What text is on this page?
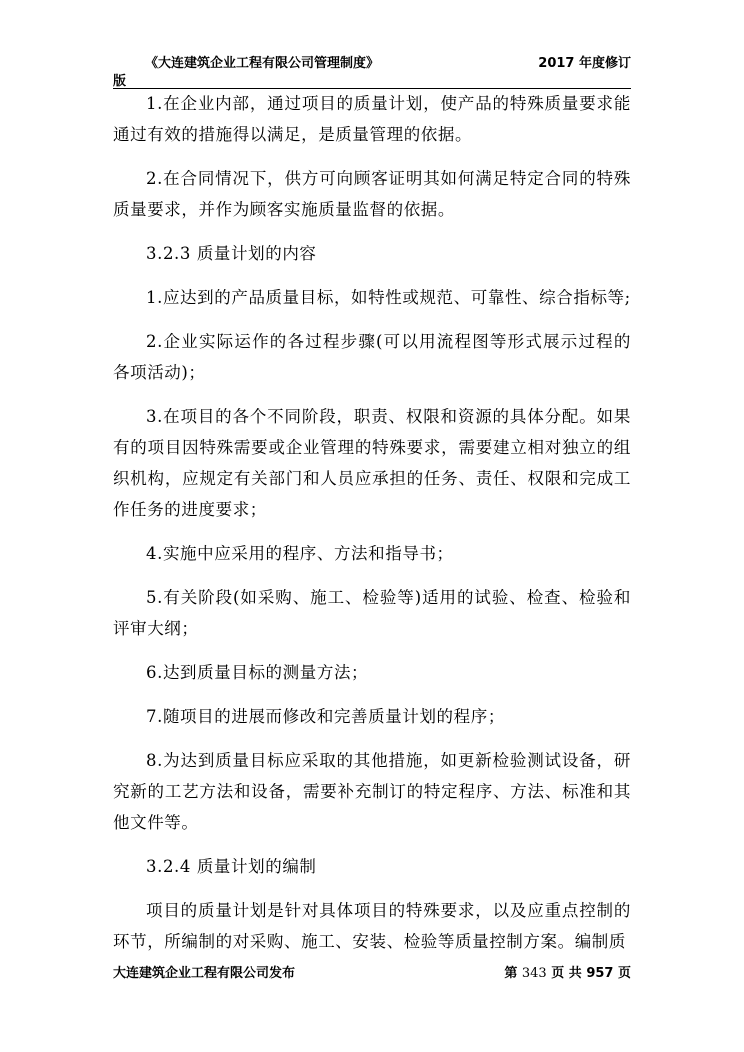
《大连建筑企业工程有限公司管理制度》	2017 年度修订
版

1.在企业内部，通过项目的质量计划，使产品的特殊质量要求能通过有效的措施得以满足，是质量管理的依据。

2.在合同情况下，供方可向顾客证明其如何满足特定合同的特殊质量要求，并作为顾客实施质量监督的依据。

3.2.3 质量计划的内容

1.应达到的产品质量目标，如特性或规范、可靠性、综合指标等;

2.企业实际运作的各过程步骤(可以用流程图等形式展示过程的各项活动)；

3.在项目的各个不同阶段，职责、权限和资源的具体分配。如果有的项目因特殊需要或企业管理的特殊要求，需要建立相对独立的组织机构，应规定有关部门和人员应承担的任务、责任、权限和完成工作任务的进度要求；

4.实施中应采用的程序、方法和指导书；

5.有关阶段(如采购、施工、检验等)适用的试验、检查、检验和评审大纲；

6.达到质量目标的测量方法；

7.随项目的进展而修改和完善质量计划的程序；

8.为达到质量目标应采取的其他措施，如更新检验测试设备，研究新的工艺方法和设备，需要补充制订的特定程序、方法、标准和其他文件等。

3.2.4 质量计划的编制

项目的质量计划是针对具体项目的特殊要求，以及应重点控制的环节，所编制的对采购、施工、安装、检验等质量控制方案。编制质

大连建筑企业工程有限公司发布	第 343 页 共 957 页
